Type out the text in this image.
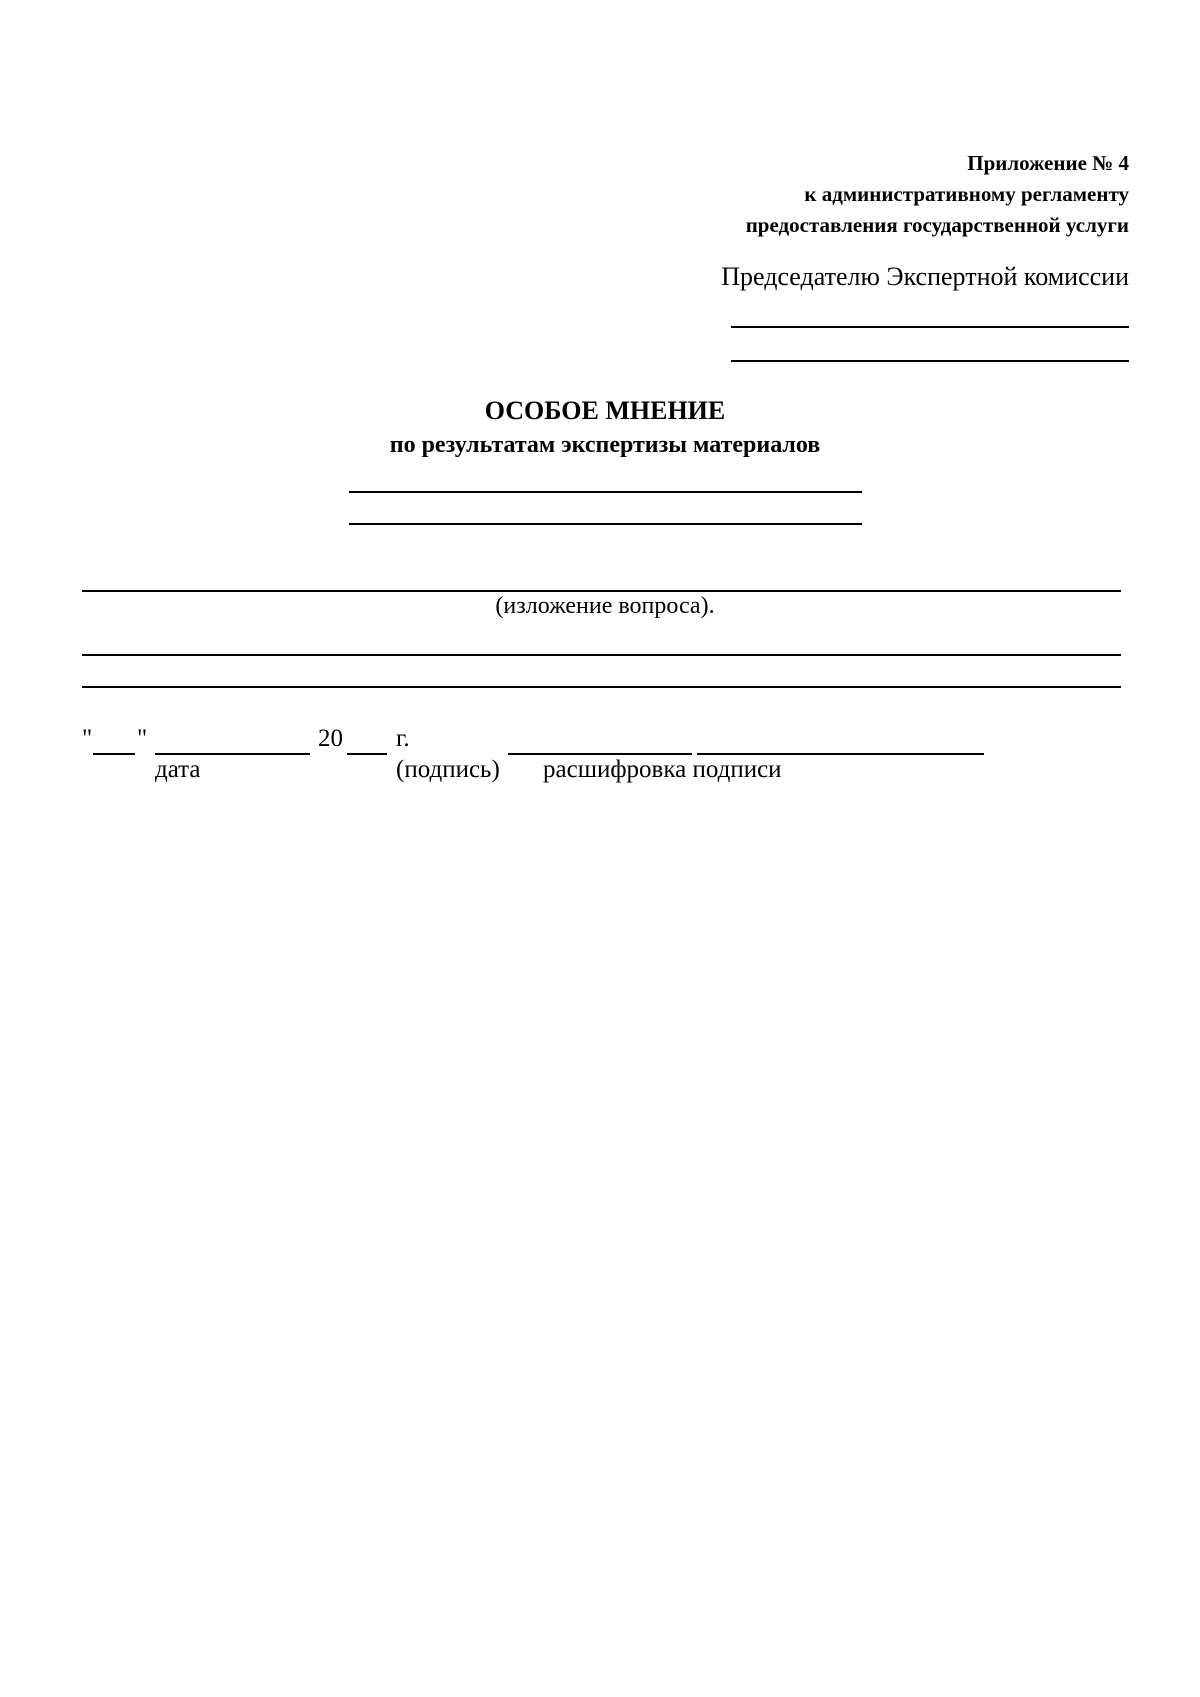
Приложение № 4
к административному регламенту
предоставления государственной услуги
Председателю Экспертной комиссии
ОСОБОЕ МНЕНИЕ
по результатам экспертизы материалов
(изложение вопроса).
" "	20 г.
дата	(подпись) расшифровка подписи
